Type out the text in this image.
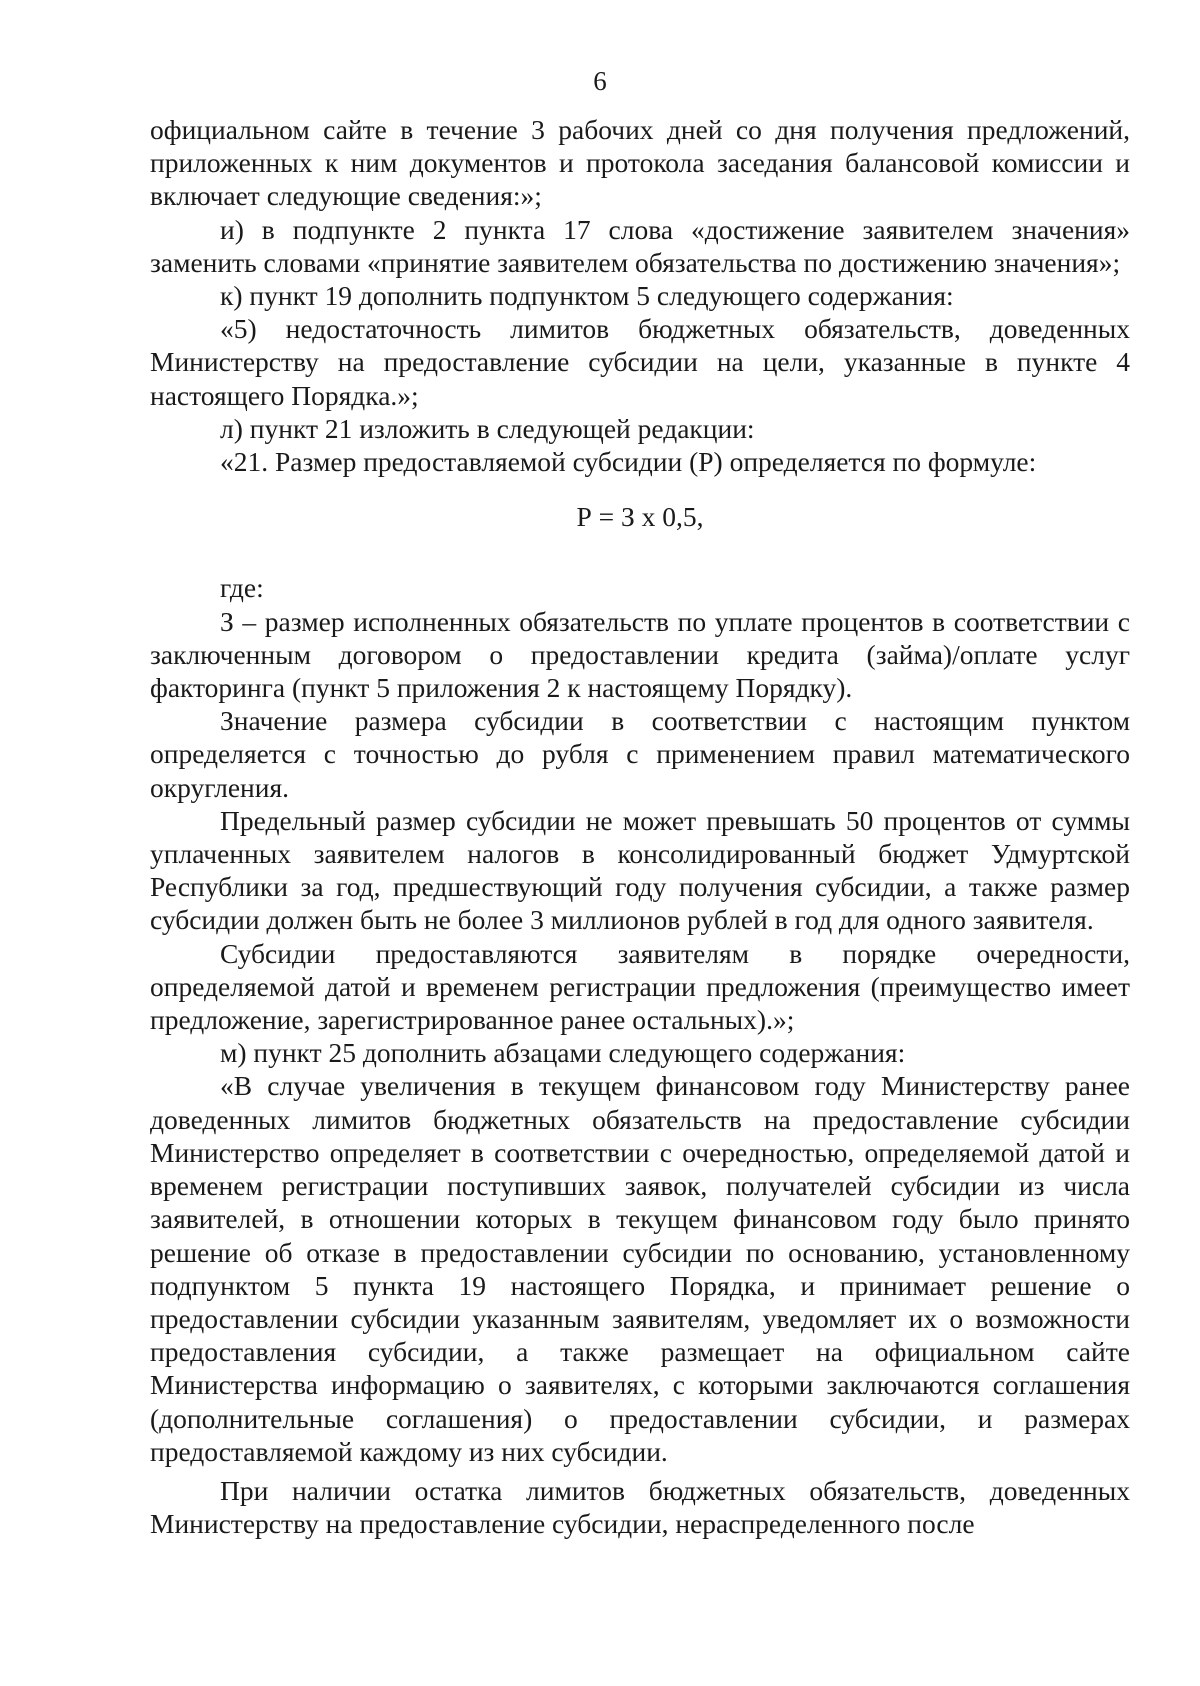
6

официальном сайте в течение 3 рабочих дней со дня получения предложений, приложенных к ним документов и протокола заседания балансовой комиссии и включает следующие сведения:»;

и) в подпункте 2 пункта 17 слова «достижение заявителем значения» заменить словами «принятие заявителем обязательства по достижению значения»;

к) пункт 19 дополнить подпунктом 5 следующего содержания:

«5) недостаточность лимитов бюджетных обязательств, доведенных Министерству на предоставление субсидии на цели, указанные в пункте 4 настоящего Порядка.»;

л) пункт 21 изложить в следующей редакции:

«21. Размер предоставляемой субсидии (Р) определяется по формуле:

Р = З х 0,5,

где:

З – размер исполненных обязательств по уплате процентов в соответствии с заключенным договором о предоставлении кредита (займа)/оплате услуг факторинга (пункт 5 приложения 2 к настоящему Порядку).

Значение размера субсидии в соответствии с настоящим пунктом определяется с точностью до рубля с применением правил математического округления.

Предельный размер субсидии не может превышать 50 процентов от суммы уплаченных заявителем налогов в консолидированный бюджет Удмуртской Республики за год, предшествующий году получения субсидии, а также размер субсидии должен быть не более 3 миллионов рублей в год для одного заявителя.

Субсидии предоставляются заявителям в порядке очередности, определяемой датой и временем регистрации предложения (преимущество имеет предложение, зарегистрированное ранее остальных).»;

м) пункт 25 дополнить абзацами следующего содержания:

«В случае увеличения в текущем финансовом году Министерству ранее доведенных лимитов бюджетных обязательств на предоставление субсидии Министерство определяет в соответствии с очередностью, определяемой датой и временем регистрации поступивших заявок, получателей субсидии из числа заявителей, в отношении которых в текущем финансовом году было принято решение об отказе в предоставлении субсидии по основанию, установленному подпунктом 5 пункта 19 настоящего Порядка, и принимает решение о предоставлении субсидии указанным заявителям, уведомляет их о возможности предоставления субсидии, а также размещает на официальном сайте Министерства информацию о заявителях, с которыми заключаются соглашения (дополнительные соглашения) о предоставлении субсидии, и размерах предоставляемой каждому из них субсидии.

При наличии остатка лимитов бюджетных обязательств, доведенных Министерству на предоставление субсидии, нераспределенного после
